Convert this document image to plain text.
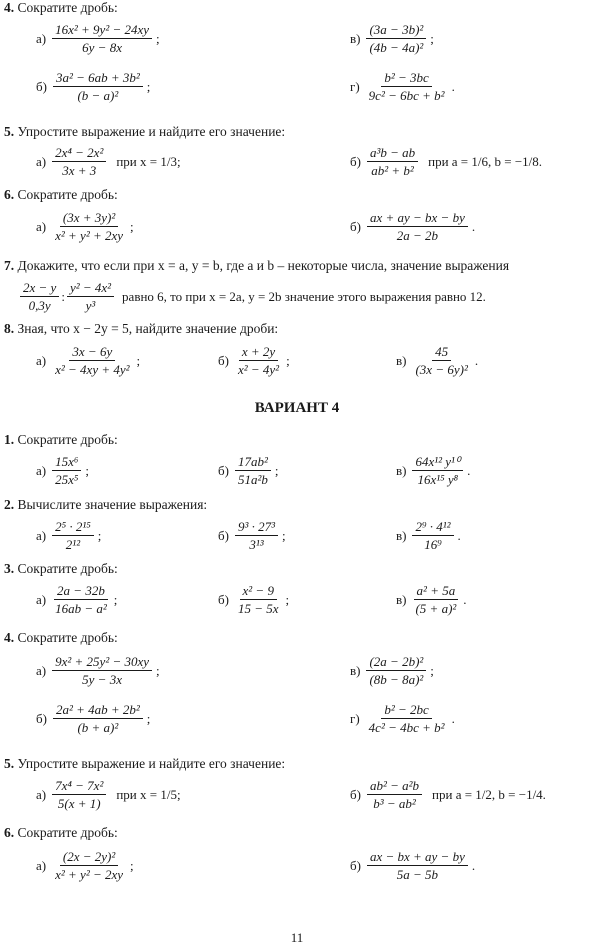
4. Сократите дробь:
5. Упростите выражение и найдите его значение:
6. Сократите дробь:
7. Докажите, что если при x = a, y = b, где a и b – некоторые числа, значение выражения
8. Зная, что x − 2y = 5, найдите значение дроби:
1. Сократите дробь:
2. Вычислите значение выражения:
3. Сократите дробь:
4. Сократите дробь:
5. Упростите выражение и найдите его значение:
6. Сократите дробь:
ВАРИАНТ 4
$\frac{2x - y}{0,3y}$ : $\frac{\text{y² − 4x²}}{\text{y³}}$ равно 6, то при x = 2a, y = 2b значение этого выражения равно 12.
$а) \frac{\text{16x² + 9y² − 24xy}}{6y - 8x}$ ;	$в) \frac{\text{(3a − 3b)²}}{\text{(4b − 4a)²}}$ ;
$б) \frac{\text{3a² − 6ab + 3b²}}{\text{(b − a)²}}$ ;	$г) \frac{\text{b² − 3bc}}{\text{9c² − 6bc + b²}}$ .
$а) \frac{\text{2x⁴ − 2x²}}{3x + 3}$ при x = 1/3;	$б) \frac{\text{a³b − ab}}{\text{ab² + b²}}$ при a = 1/6, b = −1/8.
$а) \frac{\text{(3x + 3y)²}}{\text{x² + y² + 2xy}}$ ;	$б) \frac{ax + ay - bx - by}{2a - 2b}$ .
$а) \frac{3x - 6y}{\text{x² − 4xy + 4y²}}$ ;	$б) \frac{x + 2y}{\text{x² − 4y²}}$ ;	$в) \frac{45}{\text{(3x − 6y)²}}$ .
$а) \frac{\text{15x⁶}}{\text{25x⁵}}$ ;	$б) \frac{\text{17ab²}}{\text{51a²b}}$ ;	$в) \frac{\text{64x¹² y¹⁰}}{\text{16x¹⁵ y⁸}}$ .
$а) \frac{\text{2⁵ · 2¹⁵}}{\text{2¹²}}$ ;	$б) \frac{\text{9³ · 27³}}{\text{3¹³}}$ ;	$в) \frac{\text{2⁹ · 4¹²}}{\text{16⁹}}$ .
$а) \frac{2a - 32b}{\text{16ab − a²}}$ ;	$б) \frac{\text{x² − 9}}{15 - 5x}$ ;	$в) \frac{\text{a² + 5a}}{\text{(5 + a)²}}$ .
$а) \frac{\text{9x² + 25y² − 30xy}}{5y - 3x}$ ;	$в) \frac{\text{(2a − 2b)²}}{\text{(8b − 8a)²}}$ ;
$б) \frac{\text{2a² + 4ab + 2b²}}{\text{(b + a)²}}$ ;	$г) \frac{\text{b² − 2bc}}{\text{4c² − 4bc + b²}}$ .
$а) \frac{\text{7x⁴ − 7x²}}{5(x + 1)}$ при x = 1/5;	$б) \frac{\text{ab² − a²b}}{\text{b³ − ab²}}$ при a = 1/2, b = −1/4.
$а) \frac{\text{(2x − 2y)²}}{\text{x² + y² − 2xy}}$ ;	$б) \frac{ax - bx + ay - by}{5a - 5b}$ .
11
